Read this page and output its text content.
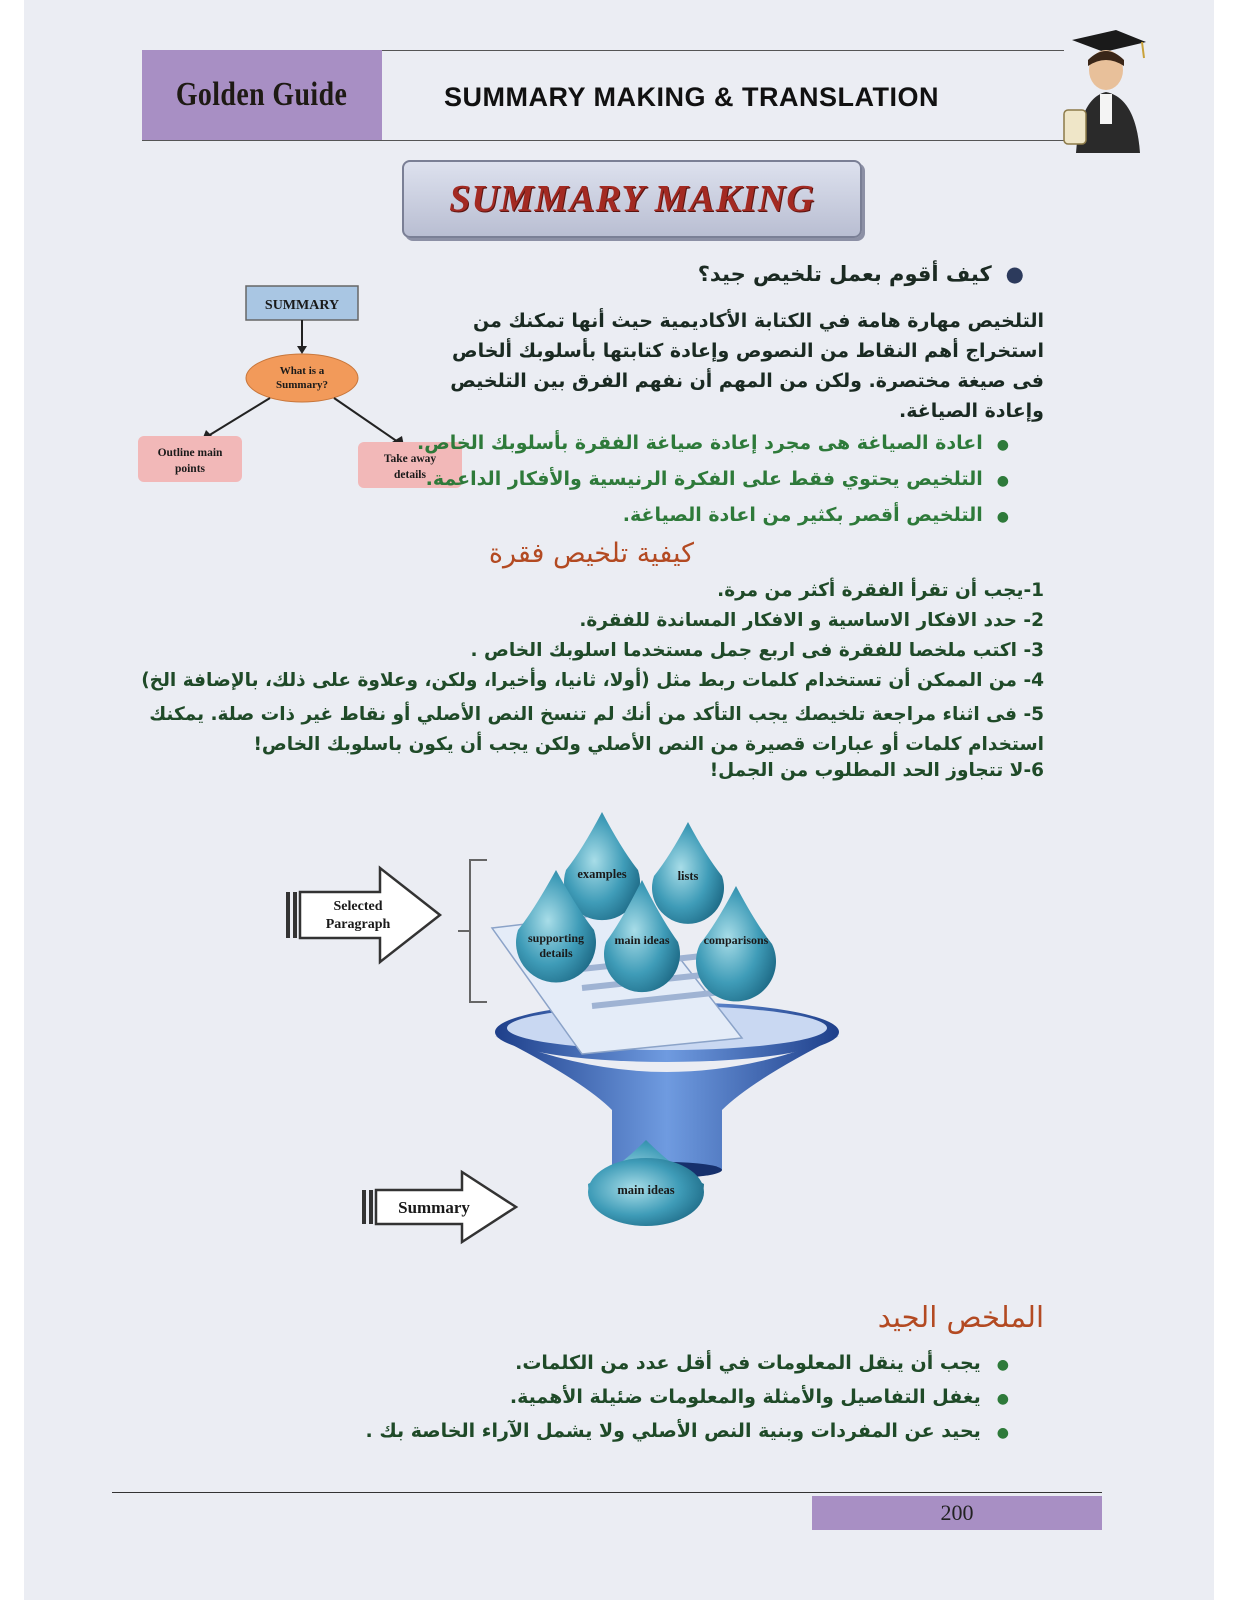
Golden Guide	SUMMARY MAKING & TRANSLATION
SUMMARY MAKING
SUMMARY
What is a
Summary?
Outline main
points
Take away
details
●كيف أقوم بعمل تلخيص جيد؟
التلخيص مهارة هامة في الكتابة الأكاديمية حيث أنها تمكنك من استخراج أهم النقاط من النصوص وإعادة كتابتها بأسلوبك ألخاص فى صيغة مختصرة. ولكن من المهم أن نفهم الفرق بين التلخيص وإعادة الصياغة.
●اعادة الصياغة هى مجرد إعادة صياغة الفقرة بأسلوبك الخاص.
●التلخيص يحتوي فقط على الفكرة الرنيسية والأفكار الداعمة.
●التلخيص أقصر بكثير من اعادة الصياغة.
كيفية تلخيص فقرة
1-يجب أن تقرأ الفقرة أكثر من مرة.
2- حدد الافكار الاساسية و الافكار المساندة للفقرة.
3- اكتب ملخصا للفقرة فى اربع جمل مستخدما اسلوبك الخاص .
4- من الممكن أن تستخدام كلمات ربط مثل (أولا، ثانيا، وأخيرا، ولكن، وعلاوة على ذلك، بالإضافة الخ)
5- فى اثناء مراجعة تلخيصك يجب التأكد من أنك لم تنسخ النص الأصلي أو نقاط غير ذات صلة. يمكنك استخدام كلمات أو عبارات قصيرة من النص الأصلي ولكن يجب أن يكون باسلوبك الخاص!
6-لا تتجاوز الحد المطلوب من الجمل!
Selected
Paragraph
examples	lists
supporting
details
main ideas	comparisons
main ideas
Summary
الملخص الجيد
●يجب أن ينقل المعلومات في أقل عدد من الكلمات.
●يغفل التفاصيل والأمثلة والمعلومات ضئيلة الأهمية.
●يحيد عن المفردات وبنية النص الأصلي ولا يشمل الآراء الخاصة بك .
200
